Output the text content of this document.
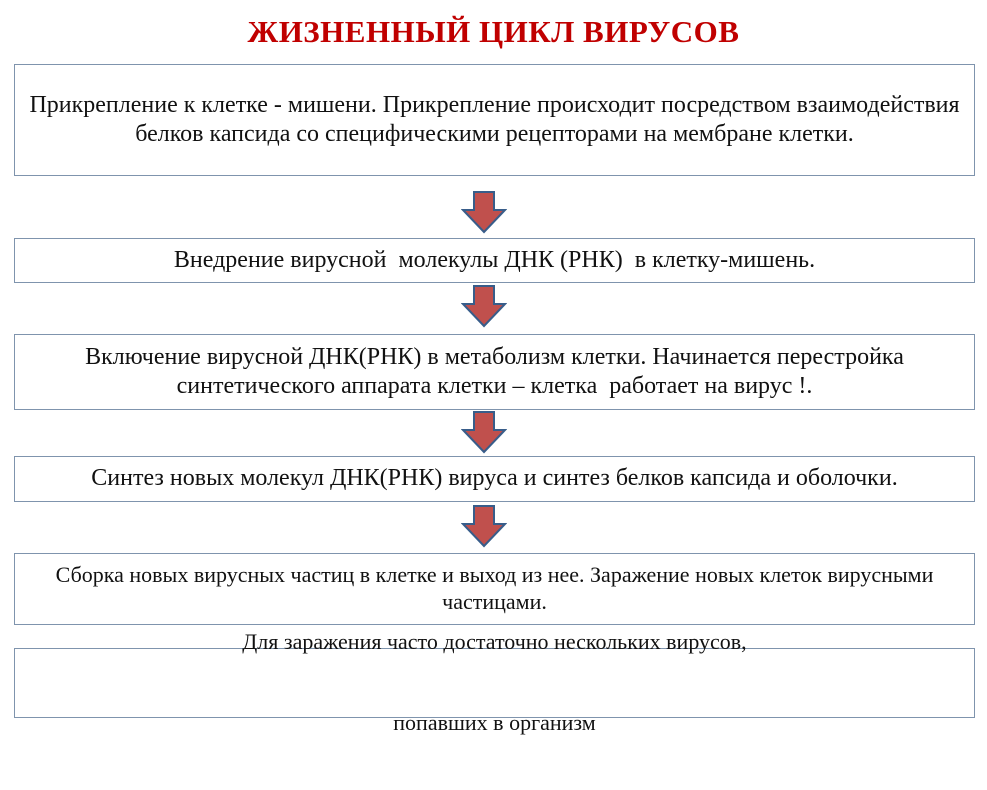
ЖИЗНЕННЫЙ ЦИКЛ ВИРУСОВ
Прикрепление к клетке - мишени. Прикрепление происходит посредством взаимодействия белков капсида со специфическими рецепторами на мембране клетки.
Внедрение вирусной  молекулы ДНК (РНК)  в клетку-мишень.
Включение вирусной ДНК(РНК) в метаболизм клетки. Начинается перестройка синтетического аппарата клетки – клетка  работает на вирус !.
Синтез новых молекул ДНК(РНК) вируса и синтез белков капсида и оболочки.
Сборка новых вирусных частиц в клетке и выход из нее. Заражение новых клеток вирусными частицами.

Для заражения часто достаточно нескольких вирусов,

попавших в организм
